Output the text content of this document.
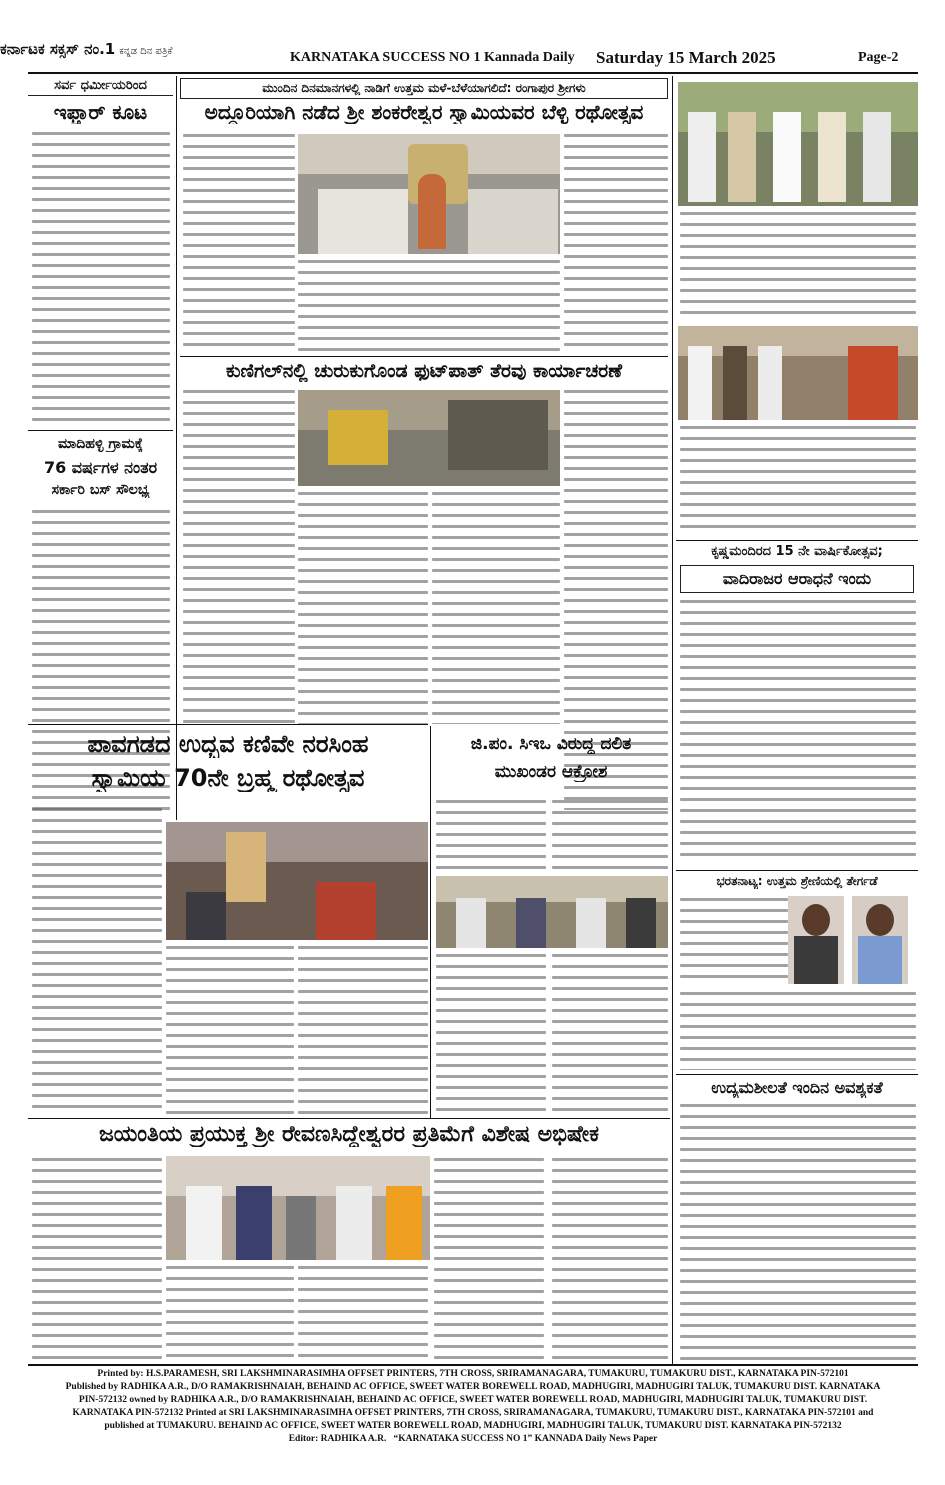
ಕರ್ನಾಟಕ ಸಕ್ಸಸ್ ನಂ.1 ಕನ್ನಡ ದಿನ ಪತ್ರಿಕೆ	KARNATAKA SUCCESS NO 1 Kannada Daily Saturday 15 March 2025	Page-2
ಸರ್ವ ಧರ್ಮೀಯರಿಂದ
ಇಫ್ತಾರ್ ಕೂಟ
ಮಾದಿಹಳ್ಳಿ ಗ್ರಾಮಕ್ಕೆ
76 ವರ್ಷಗಳ ನಂತರ
ಸರ್ಕಾರಿ ಬಸ್ ಸೌಲಭ್ಯ
ಮುಂದಿನ ದಿನಮಾನಗಳಲ್ಲಿ ನಾಡಿಗೆ ಉತ್ತಮ ಮಳೆ-ಬೆಳೆಯಾಗಲಿದೆ: ರಂಗಾಪುರ ಶ್ರೀಗಳು
ಅದ್ದೂರಿಯಾಗಿ ನಡೆದ ಶ್ರೀ ಶಂಕರೇಶ್ವರ ಸ್ವಾಮಿಯವರ ಬೆಳ್ಳಿ ರಥೋತ್ಸವ
ಕುಣಿಗಲ್‌ನಲ್ಲಿ ಚುರುಕುಗೊಂಡ ಫುಟ್‌ಪಾತ್ ತೆರವು ಕಾರ್ಯಾಚರಣೆ
ಪಾವಗಡದ ಉದ್ಭವ ಕಣಿವೇ ನರಸಿಂಹ
ಸ್ವಾಮಿಯ 70ನೇ ಬ್ರಹ್ಮ ರಥೋತ್ಸವ
ಜಿ.ಪಂ. ಸಿಇಒ ವಿರುದ್ಧ ದಲಿತ
ಮುಖಂಡರ ಆಕ್ರೋಶ
ಜಯಂತಿಯ ಪ್ರಯುಕ್ತ ಶ್ರೀ ರೇವಣಸಿದ್ದೇಶ್ವರರ ಪ್ರತಿಮೆಗೆ ವಿಶೇಷ ಅಭಿಷೇಕ
ಕೃಷ್ಣಮಂದಿರದ 15 ನೇ ವಾರ್ಷಿಕೋತ್ಸವ;
ವಾದಿರಾಜರ ಆರಾಧನೆ ಇಂದು
ಭರತನಾಟ್ಯ: ಉತ್ತಮ ಶ್ರೇಣಿಯಲ್ಲಿ ತೇರ್ಗಡೆ
ಉದ್ಯಮಶೀಲತೆ ಇಂದಿನ ಅವಶ್ಯಕತೆ
Printed by: H.S.PARAMESH, SRI LAKSHMINARASIMHA OFFSET PRINTERS, 7TH CROSS, SRIRAMANAGARA, TUMAKURU, TUMAKURU DIST., KARNATAKA PIN-572101
Published by RADHIKA A.R., D/O RAMAKRISHNAIAH, BEHAIND AC OFFICE, SWEET WATER BOREWELL ROAD, MADHUGIRI, MADHUGIRI TALUK, TUMAKURU DIST. KARNATAKA
PIN-572132 owned by RADHIKA A.R., D/O RAMAKRISHNAIAH, BEHAIND AC OFFICE, SWEET WATER BOREWELL ROAD, MADHUGIRI, MADHUGIRI TALUK, TUMAKURU DIST.
KARNATAKA PIN-572132 Printed at SRI LAKSHMINARASIMHA OFFSET PRINTERS, 7TH CROSS, SRIRAMANAGARA, TUMAKURU, TUMAKURU DIST., KARNATAKA PIN-572101 and
published at TUMAKURU. BEHAIND AC OFFICE, SWEET WATER BOREWELL ROAD, MADHUGIRI, MADHUGIRI TALUK, TUMAKURU DIST. KARNATAKA PIN-572132
Editor: RADHIKA A.R. “KARNATAKA SUCCESS NO 1” KANNADA Daily News Paper
